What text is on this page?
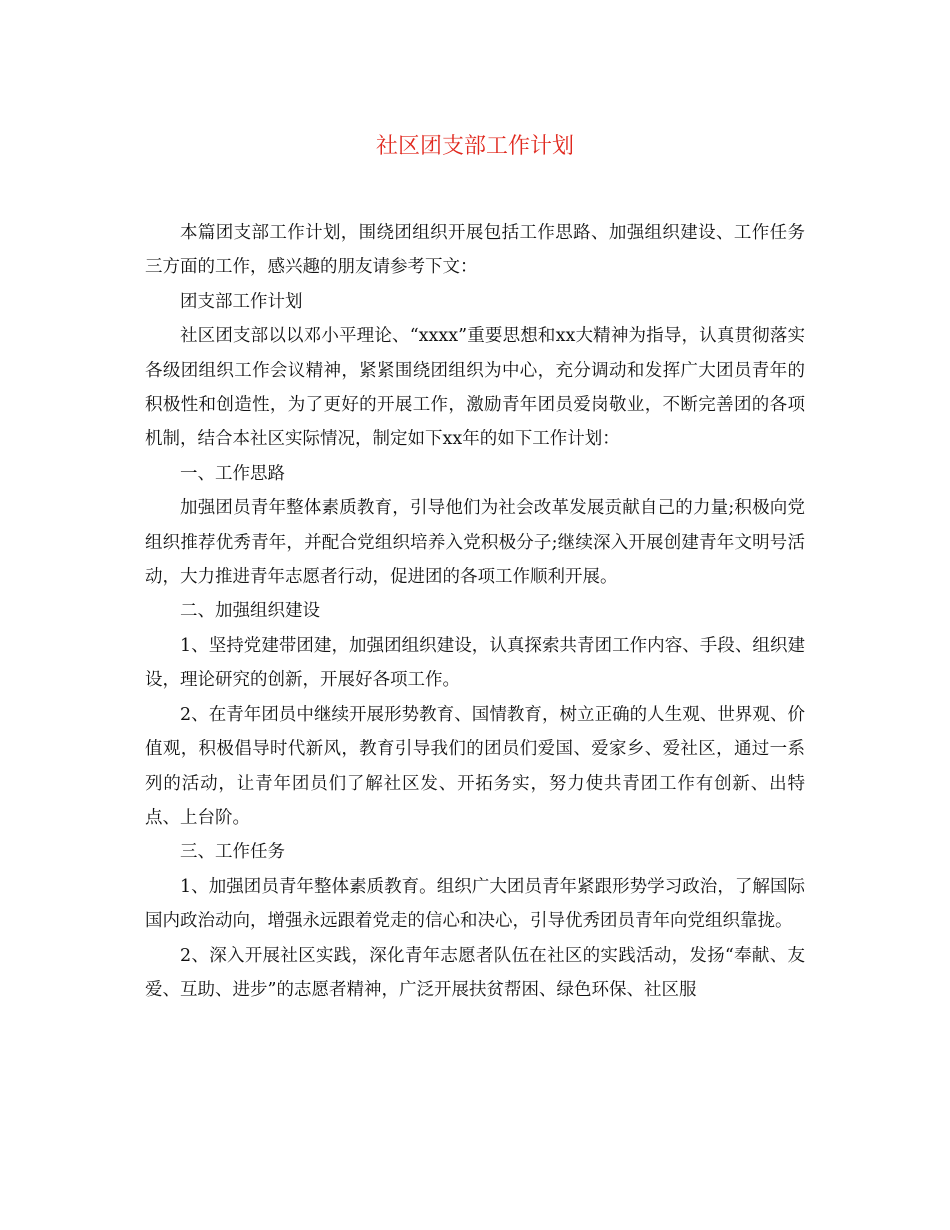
社区团支部工作计划

本篇团支部工作计划，围绕团组织开展包括工作思路、加强组织建设、工作任务三方面的工作，感兴趣的朋友请参考下文：

团支部工作计划

社区团支部以以邓小平理论、“xxxx”重要思想和xx大精神为指导，认真贯彻落实各级团组织工作会议精神，紧紧围绕团组织为中心，充分调动和发挥广大团员青年的积极性和创造性，为了更好的开展工作，激励青年团员爱岗敬业，不断完善团的各项机制，结合本社区实际情况，制定如下xx年的如下工作计划：

一、工作思路

加强团员青年整体素质教育，引导他们为社会改革发展贡献自己的力量;积极向党组织推荐优秀青年，并配合党组织培养入党积极分子;继续深入开展创建青年文明号活动，大力推进青年志愿者行动，促进团的各项工作顺利开展。

二、加强组织建设

1、坚持党建带团建，加强团组织建设，认真探索共青团工作内容、手段、组织建设，理论研究的创新，开展好各项工作。

2、在青年团员中继续开展形势教育、国情教育，树立正确的人生观、世界观、价值观，积极倡导时代新风，教育引导我们的团员们爱国、爱家乡、爱社区，通过一系列的活动，让青年团员们了解社区发、开拓务实，努力使共青团工作有创新、出特点、上台阶。

三、工作任务

1、加强团员青年整体素质教育。组织广大团员青年紧跟形势学习政治，了解国际国内政治动向，增强永远跟着党走的信心和决心，引导优秀团员青年向党组织靠拢。

2、深入开展社区实践，深化青年志愿者队伍在社区的实践活动，发扬“奉献、友爱、互助、进步”的志愿者精神，广泛开展扶贫帮困、绿色环保、社区服
